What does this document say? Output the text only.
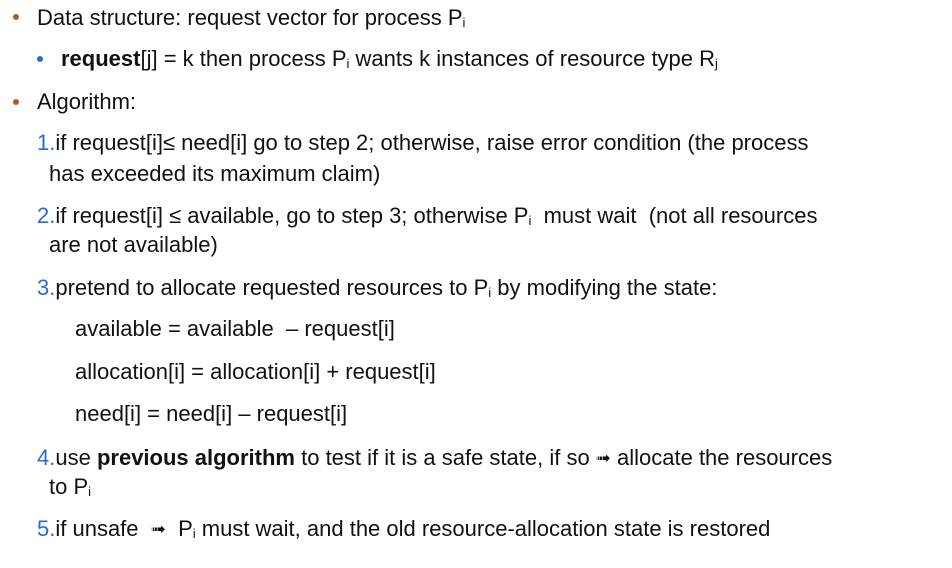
Data structure: request vector for process $P_i$
request[j] = k then process $P_i$ wants k instances of resource type $R_j$
Algorithm:
1.if request[i]≤ need[i] go to step 2; otherwise, raise error condition (the process
has exceeded its maximum claim)
2.if request[i] ≤ available, go to step 3; otherwise $P_i$  must wait  (not all resources
are not available)
3.pretend to allocate requested resources to $P_i$ by modifying the state:
available = available  – request[i]
allocation[i] = allocation[i] + request[i]
need[i] = need[i] – request[i]
4.use previous algorithm to test if it is a safe state, if so ➟ allocate the resources
to $P_i$
5.if unsafe  ➟  $P_i$ must wait, and the old resource-allocation state is restored
